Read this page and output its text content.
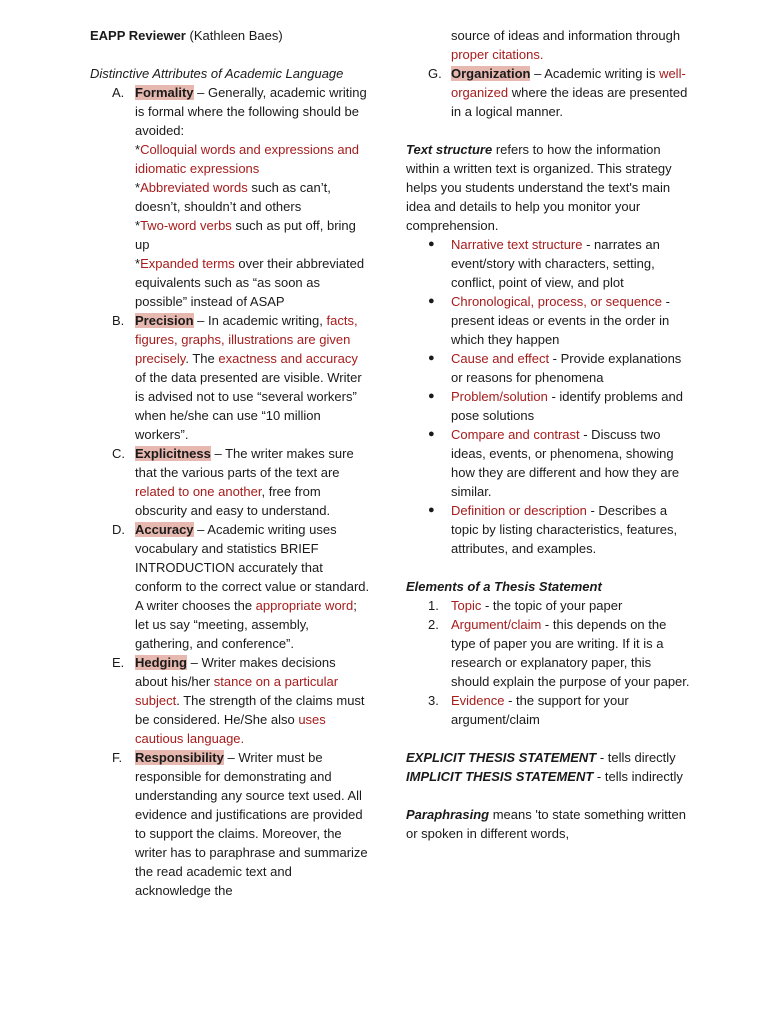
EAPP Reviewer (Kathleen Baes)

Distinctive Attributes of Academic Language

A. Formality – Generally, academic writing is formal where the following should be avoided:

*Colloquial words and expressions and idiomatic expressions

*Abbreviated words such as can’t, doesn’t, shouldn’t and others

*Two-word verbs such as put off, bring up

*Expanded terms over their abbreviated equivalents such as “as soon as possible” instead of ASAP

B. Precision – In academic writing, facts, figures, graphs, illustrations are given precisely. The exactness and accuracy of the data presented are visible. Writer is advised not to use “several workers” when he/she can use “10 million workers”.

C. Explicitness – The writer makes sure that the various parts of the text are related to one another, free from obscurity and easy to understand.

D. Accuracy – Academic writing uses vocabulary and statistics BRIEF INTRODUCTION accurately that conform to the correct value or standard. A writer chooses the appropriate word; let us say “meeting, assembly, gathering, and conference”.

E. Hedging – Writer makes decisions about his/her stance on a particular subject. The strength of the claims must be considered. He/She also uses cautious language.

F. Responsibility – Writer must be responsible for demonstrating and understanding any source text used. All evidence and justifications are provided to support the claims. Moreover, the writer has to paraphrase and summarize the read academic text and acknowledge the

source of ideas and information through proper citations.

G. Organization – Academic writing is well-organized where the ideas are presented in a logical manner.

Text structure refers to how the information within a written text is organized. This strategy helps you students understand the text's main idea and details to help you monitor your comprehension.

● Narrative text structure - narrates an event/story with characters, setting, conflict, point of view, and plot

● Chronological, process, or sequence - present ideas or events in the order in which they happen

● Cause and effect - Provide explanations or reasons for phenomena

● Problem/solution - identify problems and pose solutions

● Compare and contrast - Discuss two ideas, events, or phenomena, showing how they are different and how they are similar.

● Definition or description - Describes a topic by listing characteristics, features, attributes, and examples.

Elements of a Thesis Statement

1. Topic - the topic of your paper

2. Argument/claim - this depends on the type of paper you are writing. If it is a research or explanatory paper, this should explain the purpose of your paper.

3. Evidence - the support for your argument/claim

EXPLICIT THESIS STATEMENT - tells directly

IMPLICIT THESIS STATEMENT - tells indirectly

Paraphrasing means 'to state something written or spoken in different words,
